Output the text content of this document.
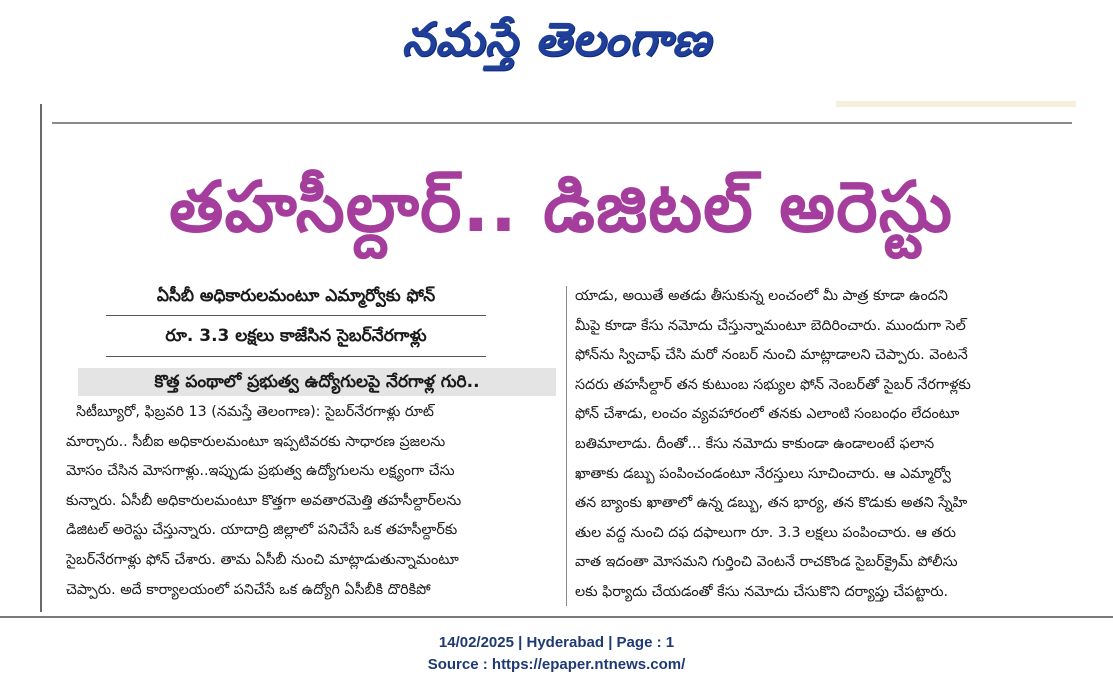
నమస్తే తెలంగాణ
తహసీల్దార్.. డిజిటల్ అరెస్టు
ఏసీబీ అధికారులమంటూ ఎమ్మార్వోకు ఫోన్
రూ. 3.3 లక్షలు కాజేసిన సైబర్‌నేరగాళ్లు
కొత్త పంథాలో ప్రభుత్వ ఉద్యోగులపై నేరగాళ్ల గురి..
సిటీబ్యూరో, ఫిబ్రవరి 13 (నమస్తే తెలంగాణ): సైబర్‌నేరగాళ్లు రూట్
మార్చారు.. సీబీఐ అధికారులమంటూ ఇప్పటివరకు సాధారణ ప్రజలను
మోసం చేసిన మోసగాళ్లు..ఇప్పుడు ప్రభుత్వ ఉద్యోగులను లక్ష్యంగా చేసు
కున్నారు. ఏసీబీ అధికారులమంటూ కొత్తగా అవతారమెత్తి తహసీల్దార్‌లను
డిజిటల్ అరెస్టు చేస్తున్నారు. యాదాద్రి జిల్లాలో పనిచేసే ఒక తహసీల్దార్‌కు
సైబర్‌నేరగాళ్లు ఫోన్ చేశారు. తామ ఏసీబీ నుంచి మాట్లాడుతున్నామంటూ
చెప్పారు. అదే కార్యాలయంలో పనిచేసే ఒక ఉద్యోగి ఏసీబీకి దొరికిపో
యాడు, అయితే అతడు తీసుకున్న లంచంలో మీ పాత్ర కూడా ఉందని
మీపై కూడా కేసు నమోదు చేస్తున్నామంటూ బెదిరించారు. ముందుగా సెల్
ఫోన్‌ను స్విచాఫ్ చేసి మరో నంబర్ నుంచి మాట్లాడాలని చెప్పారు. వెంటనే
సదరు తహసీల్దార్ తన కుటుంబ సభ్యుల ఫోన్ నెంబర్‌తో సైబర్ నేరగాళ్లకు
ఫోన్ చేశాడు, లంచం వ్యవహారంలో తనకు ఎలాంటి సంబంధం లేదంటూ
బతిమాలాడు. దీంతో... కేసు నమోదు కాకుండా ఉండాలంటే ఫలాన
ఖాతాకు డబ్బు పంపించండంటూ నేరస్తులు సూచించారు. ఆ ఎమ్మార్వో
తన బ్యాంకు ఖాతాలో ఉన్న డబ్బు, తన భార్య, తన కొడుకు అతని స్నేహి
తుల వద్ద నుంచి దఫ దఫాలుగా రూ. 3.3 లక్షలు పంపించారు. ఆ తరు
వాత ఇదంతా మోసమని గుర్తించి వెంటనే రాచకొండ సైబర్‌క్రైమ్ పోలీసు
లకు ఫిర్యాదు చేయడంతో కేసు నమోదు చేసుకొని దర్యాప్తు చేపట్టారు.
14/02/2025 | Hyderabad | Page : 1
Source : https://epaper.ntnews.com/
